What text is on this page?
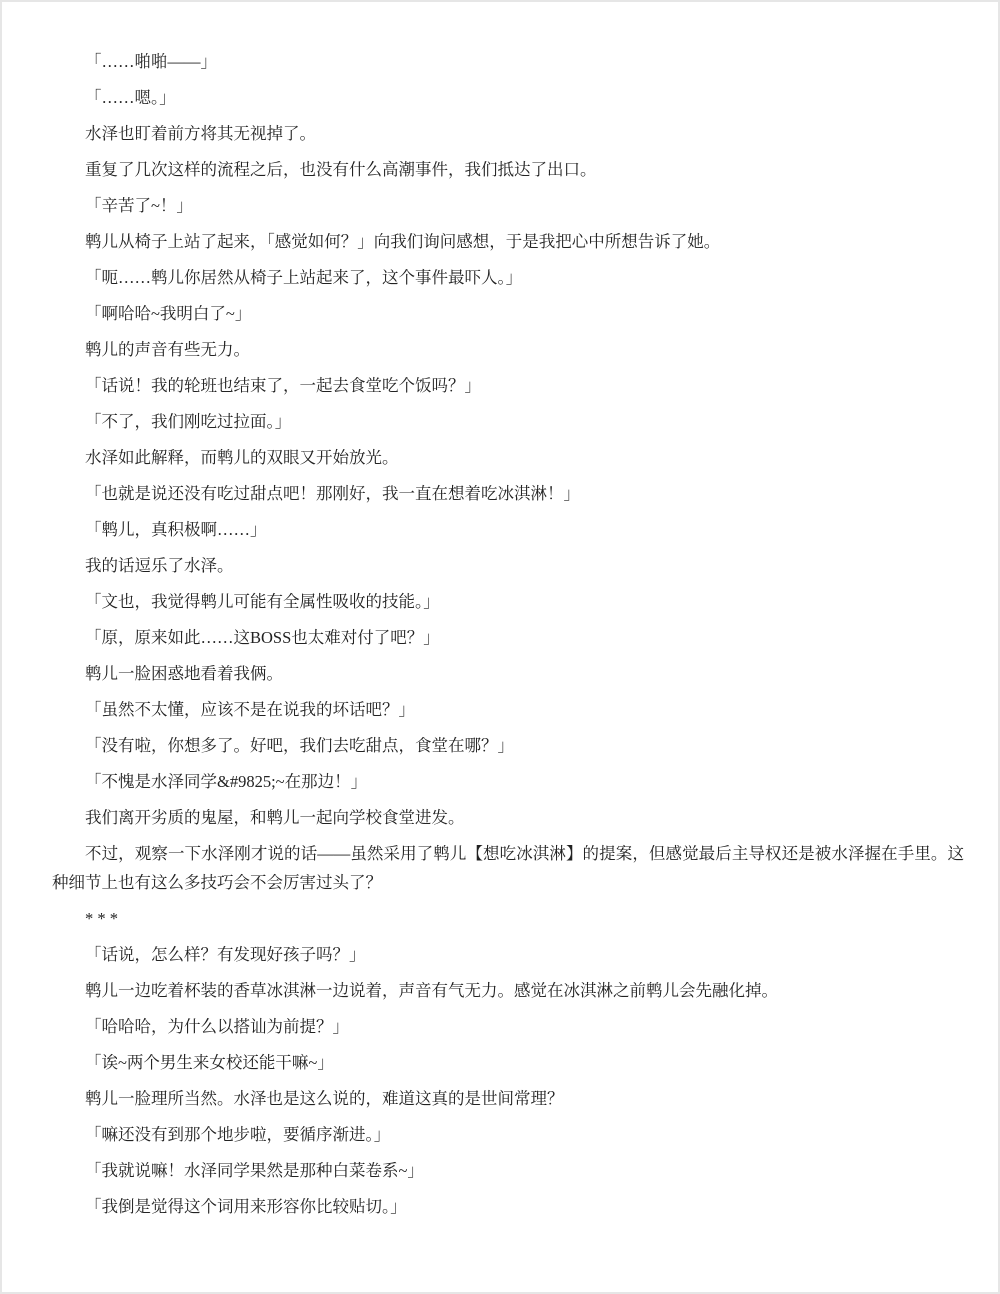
「……啪啪——」

「……嗯。」

水泽也盯着前方将其无视掉了。

重复了几次这样的流程之后，也没有什么高潮事件，我们抵达了出口。

「辛苦了~！」

鹎儿从椅子上站了起来，「感觉如何？」向我们询问感想，于是我把心中所想告诉了她。

「呃……鹎儿你居然从椅子上站起来了，这个事件最吓人。」

「啊哈哈~我明白了~」

鹎儿的声音有些无力。

「话说！我的轮班也结束了，一起去食堂吃个饭吗？」

「不了，我们刚吃过拉面。」

水泽如此解释，而鹎儿的双眼又开始放光。

「也就是说还没有吃过甜点吧！那刚好，我一直在想着吃冰淇淋！」

「鹎儿，真积极啊……」

我的话逗乐了水泽。

「文也，我觉得鹎儿可能有全属性吸收的技能。」

「原，原来如此……这BOSS也太难对付了吧？」

鹎儿一脸困惑地看着我俩。

「虽然不太懂，应该不是在说我的坏话吧？」

「没有啦，你想多了。好吧，我们去吃甜点，食堂在哪？」

「不愧是水泽同学&#9825;~在那边！」

我们离开劣质的鬼屋，和鹎儿一起向学校食堂进发。

不过，观察一下水泽刚才说的话——虽然采用了鹎儿【想吃冰淇淋】的提案，但感觉最后主导权还是被水泽握在手里。这种细节上也有这么多技巧会不会厉害过头了？

* * *

「话说，怎么样？有发现好孩子吗？」

鹎儿一边吃着杯装的香草冰淇淋一边说着，声音有气无力。感觉在冰淇淋之前鹎儿会先融化掉。

「哈哈哈，为什么以搭讪为前提？」

「诶~两个男生来女校还能干嘛~」

鹎儿一脸理所当然。水泽也是这么说的，难道这真的是世间常理？

「嘛还没有到那个地步啦，要循序渐进。」

「我就说嘛！水泽同学果然是那种白菜卷系~」

「我倒是觉得这个词用来形容你比较贴切。」
